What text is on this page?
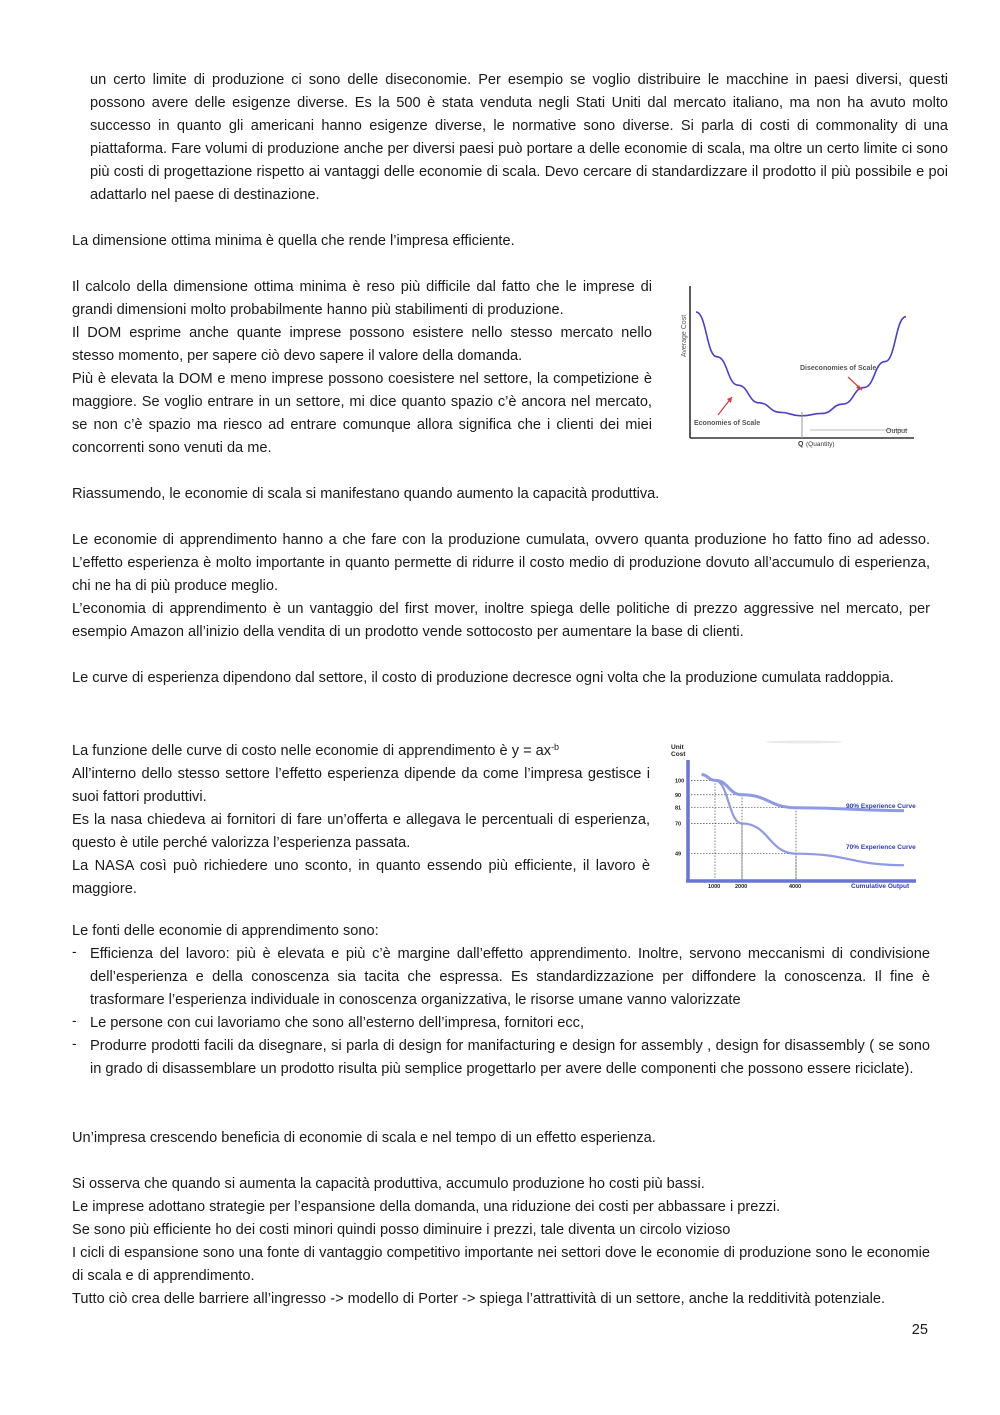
un certo limite di produzione ci sono delle diseconomie. Per esempio se voglio distribuire le macchine in paesi diversi, questi possono avere delle esigenze diverse. Es la 500 è stata venduta negli Stati Uniti dal mercato italiano, ma non ha avuto molto successo in quanto gli americani hanno esigenze diverse, le normative sono diverse. Si parla di costi di commonality di una piattaforma. Fare volumi di produzione anche per diversi paesi può portare a delle economie di scala, ma oltre un certo limite ci sono più costi di progettazione rispetto ai vantaggi delle economie di scala. Devo cercare di standardizzare il prodotto il più possibile e poi adattarlo nel paese di destinazione.

La dimensione ottima minima è quella che rende l’impresa efficiente.

Il calcolo della dimensione ottima minima è reso più difficile dal fatto che le imprese di grandi dimensioni molto probabilmente hanno più stabilimenti di produzione.

Il DOM esprime anche quante imprese possono esistere nello stesso mercato nello stesso momento, per sapere ciò devo sapere il valore della domanda.

Più è elevata la DOM e meno imprese possono coesistere nel settore, la competizione è maggiore. Se voglio entrare in un settore, mi dice quanto spazio c’è ancora nel mercato, se non c’è spazio ma riesco ad entrare comunque allora significa che i clienti dei miei concorrenti sono venuti da me.

Average Cost
Output
Q (Quantity)
Economies of Scale
Diseconomies of Scale

Riassumendo, le economie di scala si manifestano quando aumento la capacità produttiva.

Le economie di apprendimento hanno a che fare con la produzione cumulata, ovvero quanta produzione ho fatto fino ad adesso. L’effetto esperienza è molto importante in quanto permette di ridurre il costo medio di produzione dovuto all’accumulo di esperienza, chi ne ha di più produce meglio.

L’economia di apprendimento è un vantaggio del first mover, inoltre spiega delle politiche di prezzo aggressive nel mercato, per esempio Amazon all’inizio della vendita di un prodotto vende sottocosto per aumentare la base di clienti.

Le curve di esperienza dipendono dal settore, il costo di produzione decresce ogni volta che la produzione cumulata raddoppia.

La funzione delle curve di costo nelle economie di apprendimento è $y = ax^{-b}$

All’interno dello stesso settore l’effetto esperienza dipende da come l’impresa gestisce i suoi fattori produttivi.

Es la nasa chiedeva ai fornitori di fare un’offerta e allegava le percentuali di esperienza, questo è utile perché valorizza l’esperienza passata.

La NASA così può richiedere uno sconto, in quanto essendo più efficiente, il lavoro è maggiore.

Unit
Cost
49
70
81
90
100
1000	2000	4000	Cumulative Output
90% Experience Curve
70% Experience Curve

Le fonti delle economie di apprendimento sono:

- Efficienza del lavoro: più è elevata e più c’è margine dall’effetto apprendimento. Inoltre, servono meccanismi di condivisione dell’esperienza e della conoscenza sia tacita che espressa. Es standardizzazione per diffondere la conoscenza. Il fine è trasformare l’esperienza individuale in conoscenza organizzativa, le risorse umane vanno valorizzate
- Le persone con cui lavoriamo che sono all’esterno dell’impresa, fornitori ecc,
- Produrre prodotti facili da disegnare, si parla di design for manifacturing e design for assembly , design for disassembly ( se sono in grado di disassemblare un prodotto risulta più semplice progettarlo per avere delle componenti che possono essere riciclate).

Un’impresa crescendo beneficia di economie di scala e nel tempo di un effetto esperienza.

Si osserva che quando si aumenta la capacità produttiva, accumulo produzione ho costi più bassi.

Le imprese adottano strategie per l’espansione della domanda, una riduzione dei costi per abbassare i prezzi.

Se sono più efficiente ho dei costi minori quindi posso diminuire i prezzi, tale diventa un circolo vizioso

I cicli di espansione sono una fonte di vantaggio competitivo importante nei settori dove le economie di produzione sono le economie di scala e di apprendimento.

Tutto ciò crea delle barriere all’ingresso -> modello di Porter -> spiega l’attrattività di un settore, anche la redditività potenziale.

25
